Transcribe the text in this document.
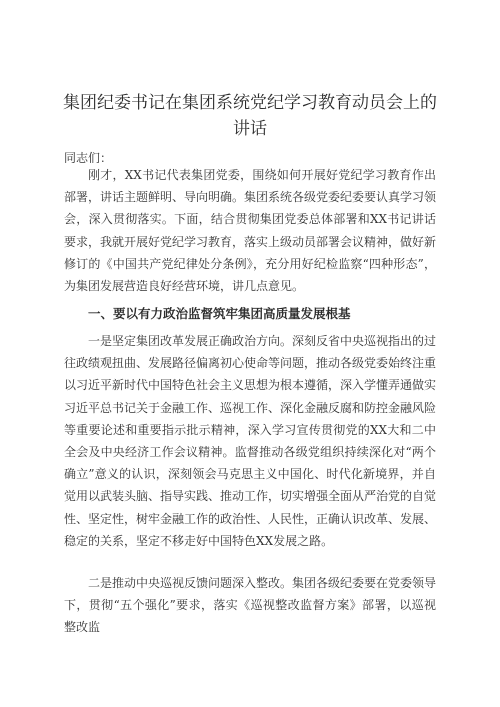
集团纪委书记在集团系统党纪学习教育动员会上的讲话
同志们：

刚才，XX书记代表集团党委，围绕如何开展好党纪学习教育作出部署，讲话主题鲜明、导向明确。集团系统各级党委纪委要认真学习领会，深入贯彻落实。下面，结合贯彻集团党委总体部署和XX书记讲话要求，我就开展好党纪学习教育，落实上级动员部署会议精神，做好新修订的《中国共产党纪律处分条例》，充分用好纪检监察“四种形态”，为集团发展营造良好经营环境，讲几点意见。

一、要以有力政治监督筑牢集团高质量发展根基

一是坚定集团改革发展正确政治方向。深刻反省中央巡视指出的过往政绩观扭曲、发展路径偏离初心使命等问题，推动各级党委始终注重以习近平新时代中国特色社会主义思想为根本遵循，深入学懂弄通做实习近平总书记关于金融工作、巡视工作、深化金融反腐和防控金融风险等重要论述和重要指示批示精神，深入学习宣传贯彻党的XX大和二中全会及中央经济工作会议精神。监督推动各级党组织持续深化对“两个确立”意义的认识，深刻领会马克思主义中国化、时代化新境界，并自觉用以武装头脑、指导实践、推动工作，切实增强全面从严治党的自觉性、坚定性，树牢金融工作的政治性、人民性，正确认识改革、发展、稳定的关系，坚定不移走好中国特色XX发展之路。

二是推动中央巡视反馈问题深入整改。集团各级纪委要在党委领导下，贯彻“五个强化”要求，落实《巡视整改监督方案》部署，以巡视整改监
